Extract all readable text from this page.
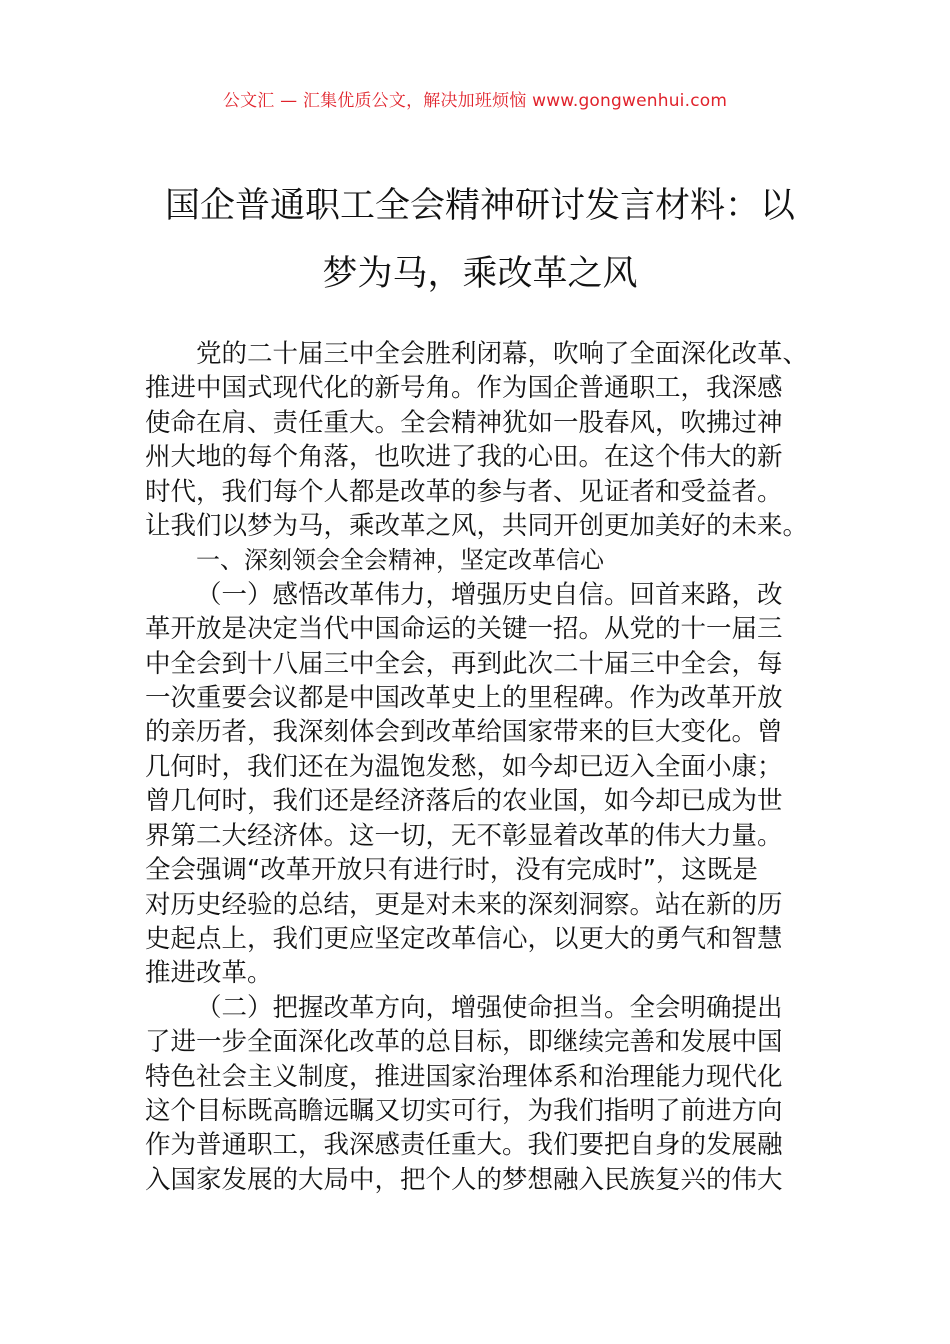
公文汇 — 汇集优质公文，解决加班烦恼 www.gongwenhui.com
国企普通职工全会精神研讨发言材料：以
梦为马，乘改革之风
党的二十届三中全会胜利闭幕，吹响了全面深化改革、
推进中国式现代化的新号角。作为国企普通职工，我深感
使命在肩、责任重大。全会精神犹如一股春风，吹拂过神
州大地的每个角落，也吹进了我的心田。在这个伟大的新
时代，我们每个人都是改革的参与者、见证者和受益者。
让我们以梦为马，乘改革之风，共同开创更加美好的未来。
一、深刻领会全会精神，坚定改革信心
（一）感悟改革伟力，增强历史自信。回首来路，改
革开放是决定当代中国命运的关键一招。从党的十一届三
中全会到十八届三中全会，再到此次二十届三中全会，每
一次重要会议都是中国改革史上的里程碑。作为改革开放
的亲历者，我深刻体会到改革给国家带来的巨大变化。曾
几何时，我们还在为温饱发愁，如今却已迈入全面小康；
曾几何时，我们还是经济落后的农业国，如今却已成为世
界第二大经济体。这一切，无不彰显着改革的伟大力量。
全会强调“改革开放只有进行时，没有完成时”，这既是
对历史经验的总结，更是对未来的深刻洞察。站在新的历
史起点上，我们更应坚定改革信心，以更大的勇气和智慧
推进改革。
（二）把握改革方向，增强使命担当。全会明确提出
了进一步全面深化改革的总目标，即继续完善和发展中国
特色社会主义制度，推进国家治理体系和治理能力现代化
这个目标既高瞻远瞩又切实可行，为我们指明了前进方向
作为普通职工，我深感责任重大。我们要把自身的发展融
入国家发展的大局中，把个人的梦想融入民族复兴的伟大
